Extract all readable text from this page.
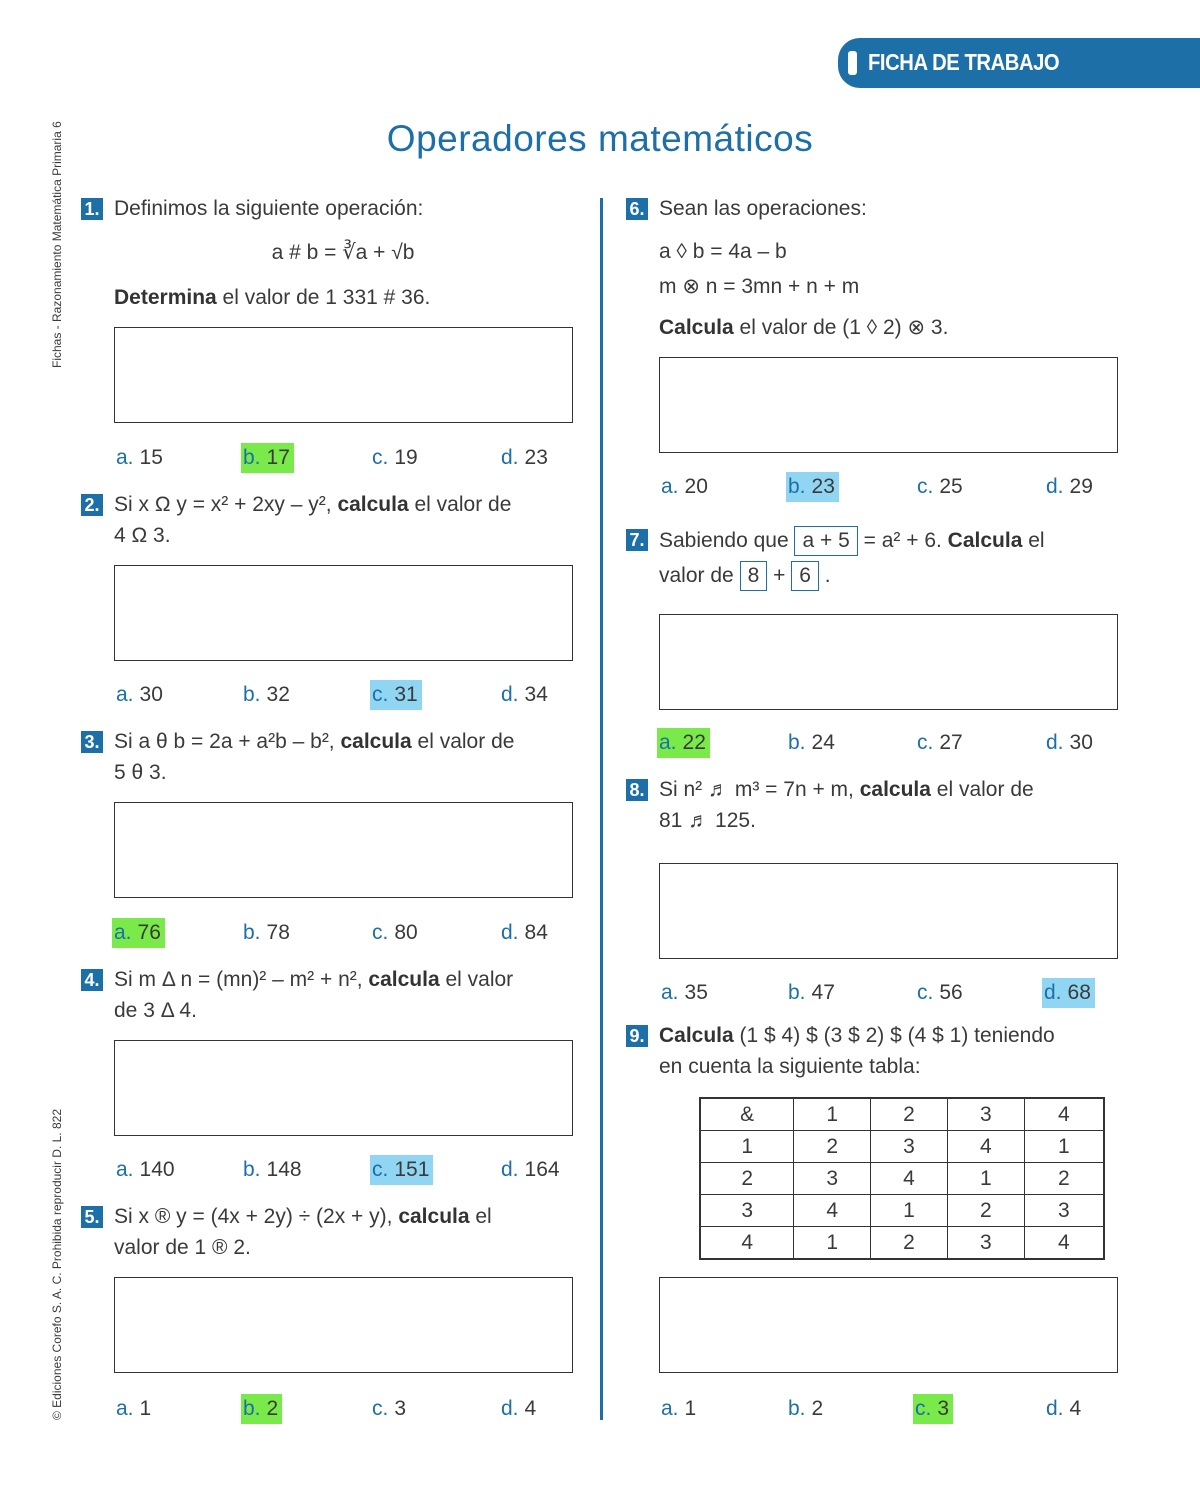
FICHA DE TRABAJO
Fichas - Razonamiento Matemática Primaria 6
© Ediciones Corefo S. A. C. Prohibida reproducir D. L. 822
Operadores matemáticos
1. Definimos la siguiente operación:
a # b = ∛a + √b
Determina el valor de 1 331 # 36.
a. 15	b. 17	c. 19	d. 23
2. Si x Ω y = x² + 2xy – y², calcula el valor de
4 Ω 3.
a. 30	b. 32	c. 31	d. 34
3. Si a θ b = 2a + a²b – b², calcula el valor de
5 θ 3.
a. 76	b. 78	c. 80	d. 84
4. Si m Δ n = (mn)² – m² + n², calcula el valor
de 3 Δ 4.
a. 140	b. 148	c. 151	d. 164
5. Si x ® y = (4x + 2y) ÷ (2x + y), calcula el
valor de 1 ® 2.
a. 1	b. 2	c. 3	d. 4
6. Sean las operaciones:
a ◊ b = 4a – b
m ⊗ n = 3mn + n + m
Calcula el valor de (1 ◊ 2) ⊗ 3.
a. 20	b. 23	c. 25	d. 29
7. Sabiendo que a + 5 = a² + 6. Calcula el
valor de 8 + 6 .
a. 22	b. 24	c. 27	d. 30
8. Si n² ♬ m³ = 7n + m, calcula el valor de
81 ♬ 125.
a. 35	b. 47	c. 56	d. 68
9. Calcula (1 $ 4) $ (3 $ 2) $ (4 $ 1) teniendo
en cuenta la siguiente tabla:
&	1	2	3	4
1	2	3	4	1
2	3	4	1	2
3	4	1	2	3
4	1	2	3	4
a. 1	b. 2	c. 3	d. 4
